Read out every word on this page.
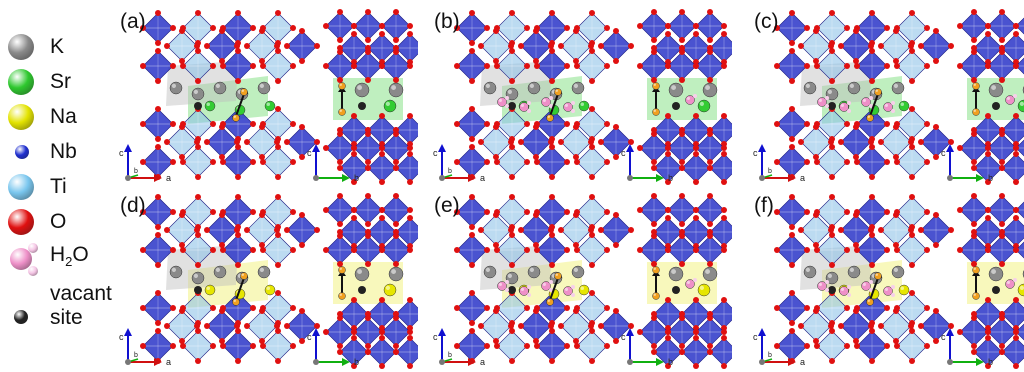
K
Sr
Na
Nb
Ti
O
$H_2O$
vacant
site
c
b
a
c
b
(a)
c
b
a
c
b
(b)
c
b
a
c
b
(c)
c
b
a
c
b
(d)
c
b
a
c
b
(e)
c
b
a
c
b
(f)
